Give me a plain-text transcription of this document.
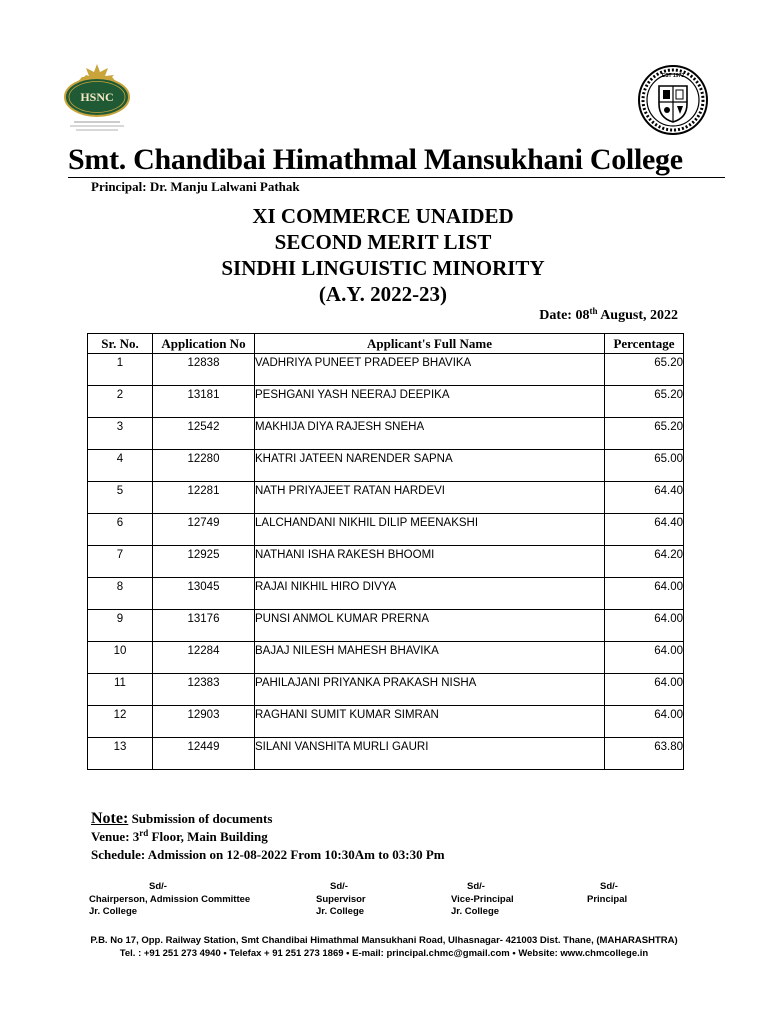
HSNC
EST 1972
Smt. Chandibai Himathmal Mansukhani College
Principal: Dr. Manju Lalwani Pathak
XI COMMERCE UNAIDED
SECOND MERIT LIST
SINDHI LINGUISTIC MINORITY
(A.Y. 2022-23)
Date: 08th August, 2022
Sr. No.	Application No	Applicant's Full Name	Percentage
1	12838	VADHRIYA PUNEET PRADEEP BHAVIKA	65.20
2	13181	PESHGANI YASH NEERAJ DEEPIKA	65.20
3	12542	MAKHIJA DIYA RAJESH SNEHA	65.20
4	12280	KHATRI JATEEN NARENDER SAPNA	65.00
5	12281	NATH PRIYAJEET RATAN HARDEVI	64.40
6	12749	LALCHANDANI NIKHIL DILIP MEENAKSHI	64.40
7	12925	NATHANI ISHA RAKESH BHOOMI	64.20
8	13045	RAJAI NIKHIL HIRO DIVYA	64.00
9	13176	PUNSI ANMOL KUMAR PRERNA	64.00
10	12284	BAJAJ NILESH MAHESH BHAVIKA	64.00
11	12383	PAHILAJANI PRIYANKA PRAKASH NISHA	64.00
12	12903	RAGHANI SUMIT KUMAR SIMRAN	64.00
13	12449	SILANI VANSHITA MURLI GAURI	63.80
Note: Submission of documents
Venue: 3rd Floor, Main Building
Schedule: Admission on 12-08-2022 From 10:30Am to 03:30 Pm
Sd/-
Chairperson, Admission Committee
Jr. College
Sd/-
Supervisor
Jr. College
Sd/-
Vice-Principal
Jr. College
Sd/-
Principal
P.B. No 17, Opp. Railway Station, Smt Chandibai Himathmal Mansukhani Road, Ulhasnagar- 421003 Dist. Thane, (MAHARASHTRA)
Tel. : +91 251 273 4940 • Telefax + 91 251 273 1869 • E-mail: principal.chmc@gmail.com • Website: www.chmcollege.in
